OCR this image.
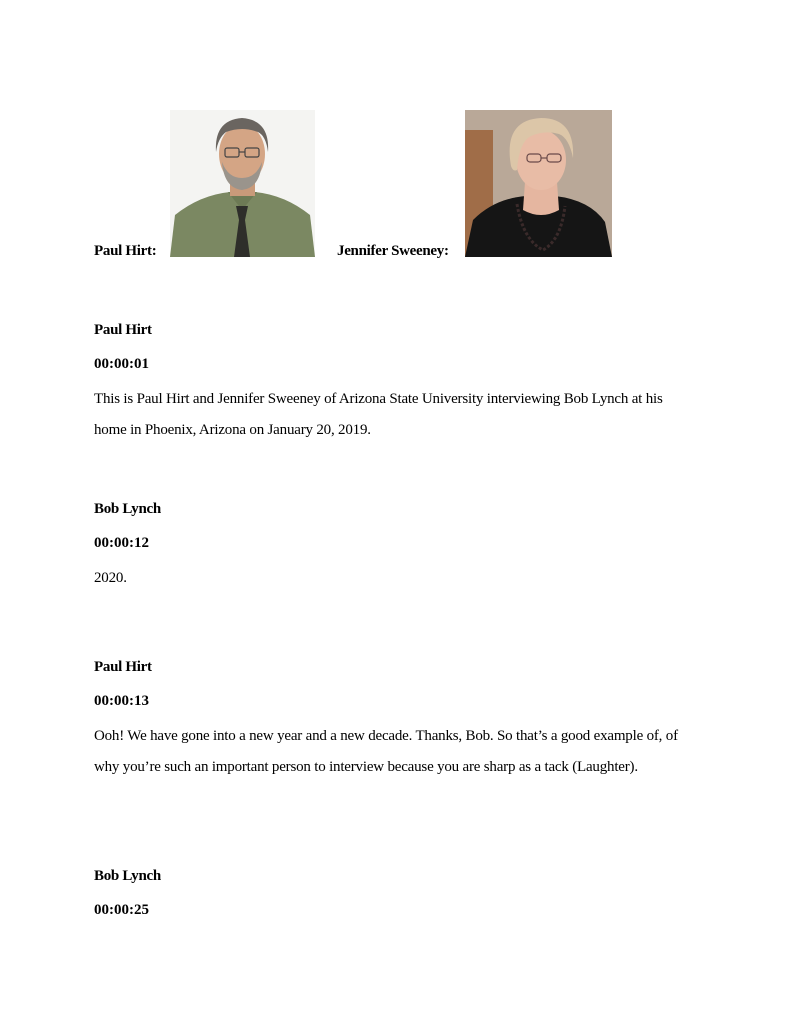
Paul Hirt:	Jennifer Sweeney:
Paul Hirt
00:00:01
This is Paul Hirt and Jennifer Sweeney of Arizona State University interviewing Bob Lynch at his home in Phoenix, Arizona on January 20, 2019.
Bob Lynch
00:00:12
2020.
Paul Hirt
00:00:13
Ooh! We have gone into a new year and a new decade. Thanks, Bob. So that’s a good example of, of why you’re such an important person to interview because you are sharp as a tack (Laughter).
Bob Lynch
00:00:25
